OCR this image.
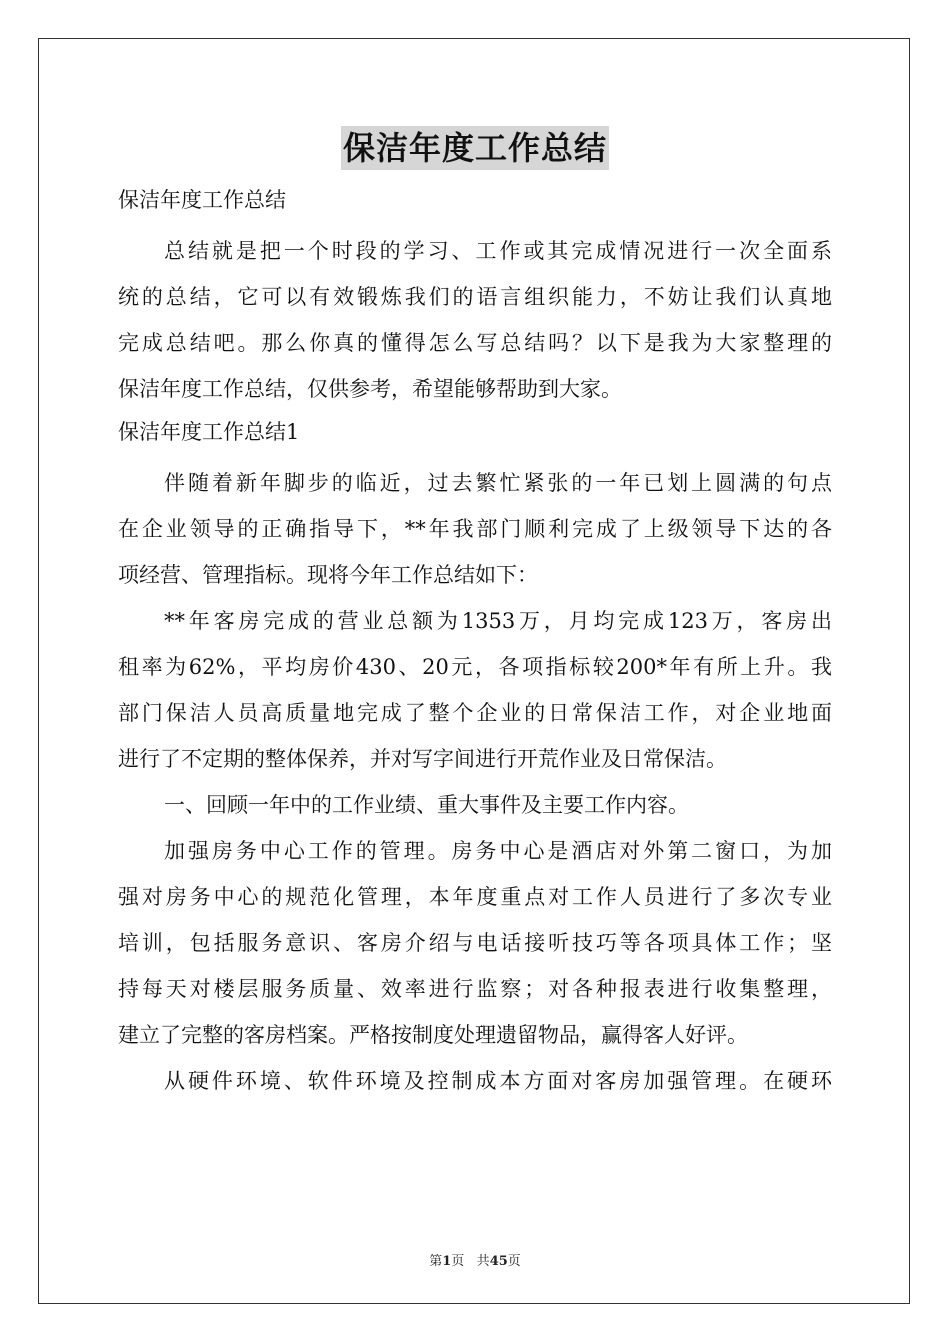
保洁年度工作总结

保洁年度工作总结

总结就是把一个时段的学习、工作或其完成情况进行一次全面系
统的总结，它可以有效锻炼我们的语言组织能力，不妨让我们认真地
完成总结吧。那么你真的懂得怎么写总结吗？以下是我为大家整理的
保洁年度工作总结，仅供参考，希望能够帮助到大家。

保洁年度工作总结1

伴随着新年脚步的临近，过去繁忙紧张的一年已划上圆满的句点
在企业领导的正确指导下，**年我部门顺利完成了上级领导下达的各
项经营、管理指标。现将今年工作总结如下：
**年客房完成的营业总额为1353万，月均完成123万，客房出
租率为62%，平均房价430、20元，各项指标较200*年有所上升。我
部门保洁人员高质量地完成了整个企业的日常保洁工作，对企业地面
进行了不定期的整体保养，并对写字间进行开荒作业及日常保洁。
一、回顾一年中的工作业绩、重大事件及主要工作内容。
加强房务中心工作的管理。房务中心是酒店对外第二窗口，为加
强对房务中心的规范化管理，本年度重点对工作人员进行了多次专业
培训，包括服务意识、客房介绍与电话接听技巧等各项具体工作；坚
持每天对楼层服务质量、效率进行监察；对各种报表进行收集整理，
建立了完整的客房档案。严格按制度处理遗留物品，赢得客人好评。
从硬件环境、软件环境及控制成本方面对客房加强管理。在硬环
第1页 共45页
